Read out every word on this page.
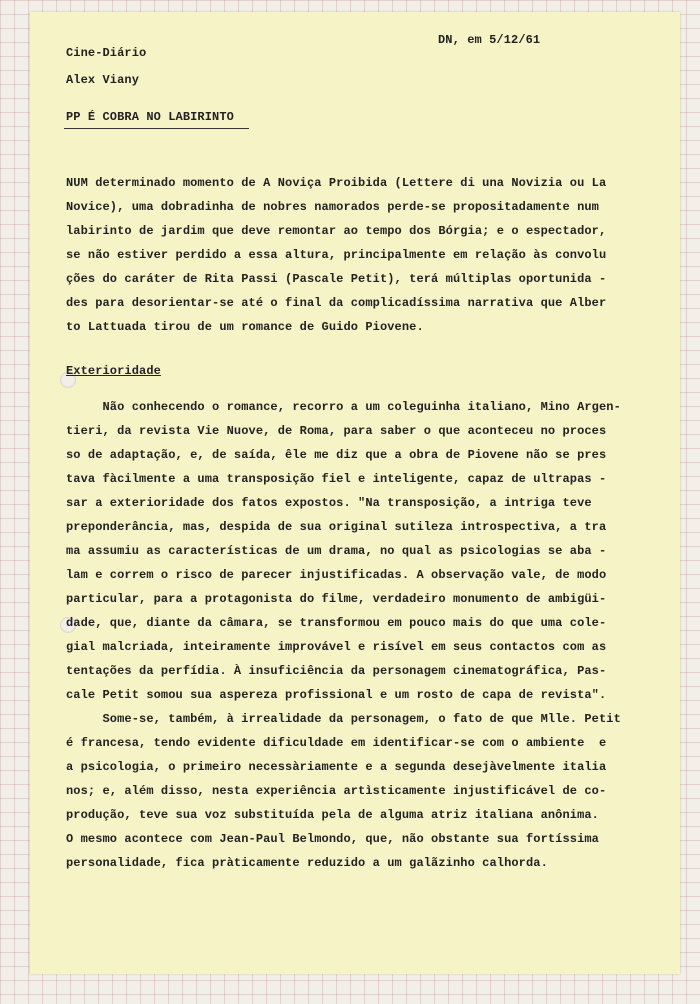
DN, em 5/12/61
Cine-Diário
Alex Viany
PP É COBRA NO LABIRINTO
NUM determinado momento de A Noviça Proibida (Lettere di una Novizia ou La
Novice), uma dobradinha de nobres namorados perde-se propositadamente num
labirinto de jardim que deve remontar ao tempo dos Bórgia; e o espectador,
se não estiver perdido a essa altura, principalmente em relação às convolu
ções do caráter de Rita Passi (Pascale Petit), terá múltiplas oportunida -
des para desorientar-se até o final da complicadíssima narrativa que Alber
to Lattuada tirou de um romance de Guido Piovene.
Exterioridade
Não conhecendo o romance, recorro a um coleguinha italiano, Mino Argen-
tieri, da revista Vie Nuove, de Roma, para saber o que aconteceu no proces
so de adaptação, e, de saída, êle me diz que a obra de Piovene não se pres
tava fàcilmente a uma transposição fiel e inteligente, capaz de ultrapas -
sar a exterioridade dos fatos expostos. "Na transposição, a intriga teve
preponderância, mas, despida de sua original sutileza introspectiva, a tra
ma assumiu as características de um drama, no qual as psicologias se aba -
lam e correm o risco de parecer injustificadas. A observação vale, de modo
particular, para a protagonista do filme, verdadeiro monumento de ambigüi-
dade, que, diante da câmara, se transformou em pouco mais do que uma cole-
gial malcriada, inteiramente improvável e risível em seus contactos com as
tentações da perfídia. À insuficiência da personagem cinematográfica, Pas-
cale Petit somou sua aspereza profissional e um rosto de capa de revista".
Some-se, também, à irrealidade da personagem, o fato de que Mlle. Petit
é francesa, tendo evidente dificuldade em identificar-se com o ambiente  e
a psicologia, o primeiro necessàriamente e a segunda desejàvelmente italia
nos; e, além disso, nesta experiência artìsticamente injustificável de co-
produção, teve sua voz substituída pela de alguma atriz italiana anônima.
O mesmo acontece com Jean-Paul Belmondo, que, não obstante sua fortíssima
personalidade, fica pràticamente reduzido a um galãzinho calhorda.
